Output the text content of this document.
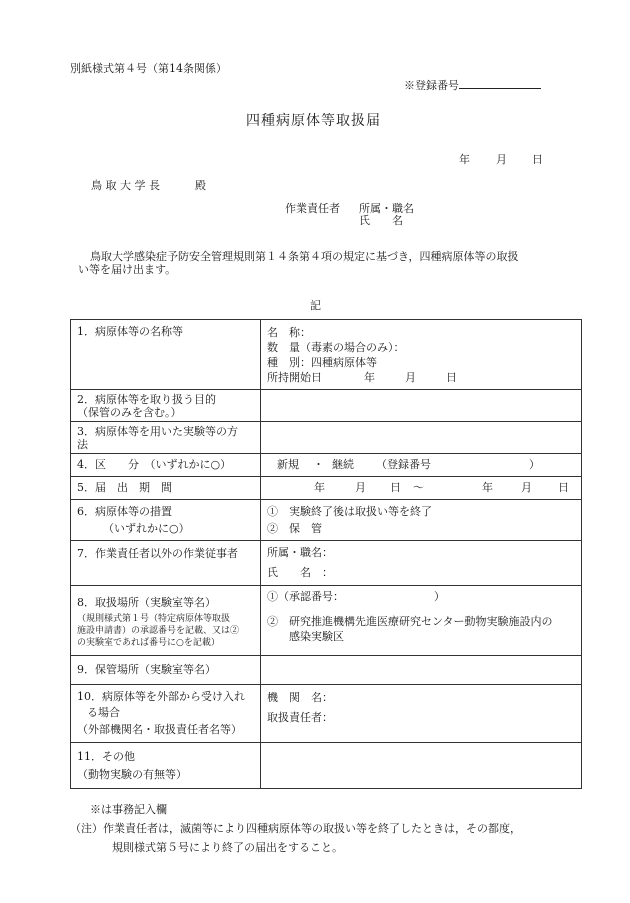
別紙様式第４号（第14条関係）
※登録番号
四種病原体等取扱届
年 月 日
鳥 取 大 学 長	殿
作業責任者 所属・職名
氏　　名
鳥取大学感染症予防安全管理規則第１４条第４項の規定に基づき，四種病原体等の取扱
い等を届け出ます。
記
1．病原体等の名称等	名　称：
数　量（毒素の場合のみ）：
種　別：四種病原体等
所持開始日 年 月 日

2．病原体等を取り扱う目的
（保管のみを含む。）	

3．病原体等を用いた実験等の方
法	

4．区　　分　（いずれかに○）	新規 ・ 継続 （登録番号 ）
5．届　出　期　間	年 月 日 ～ 年 月 日

6．病原体等の措置
（いずれかに○）	①　実験終了後は取扱い等を終了
②　保　管

7．作業責任者以外の作業従事者	所属・職名：
氏　　名　：

8．取扱場所（実験室等名）
（規則様式第１号（特定病原体等取扱
施設申請書）の承認番号を記載、又は②
の実験室であれば番号に○を記載）	①（承認番号： ）
②　研究推進機構先進医療研究センター動物実験施設内の
感染実験区

9．保管場所（実験室等名）	

10．病原体等を外部から受け入れ
る場合
（外部機関名・取扱責任者名等）	機　関　名：
取扱責任者：

11．その他
（動物実験の有無等）	

※は事務記入欄
（注）作業責任者は，滅菌等により四種病原体等の取扱い等を終了したときは，その都度，
規則様式第５号により終了の届出をすること。
